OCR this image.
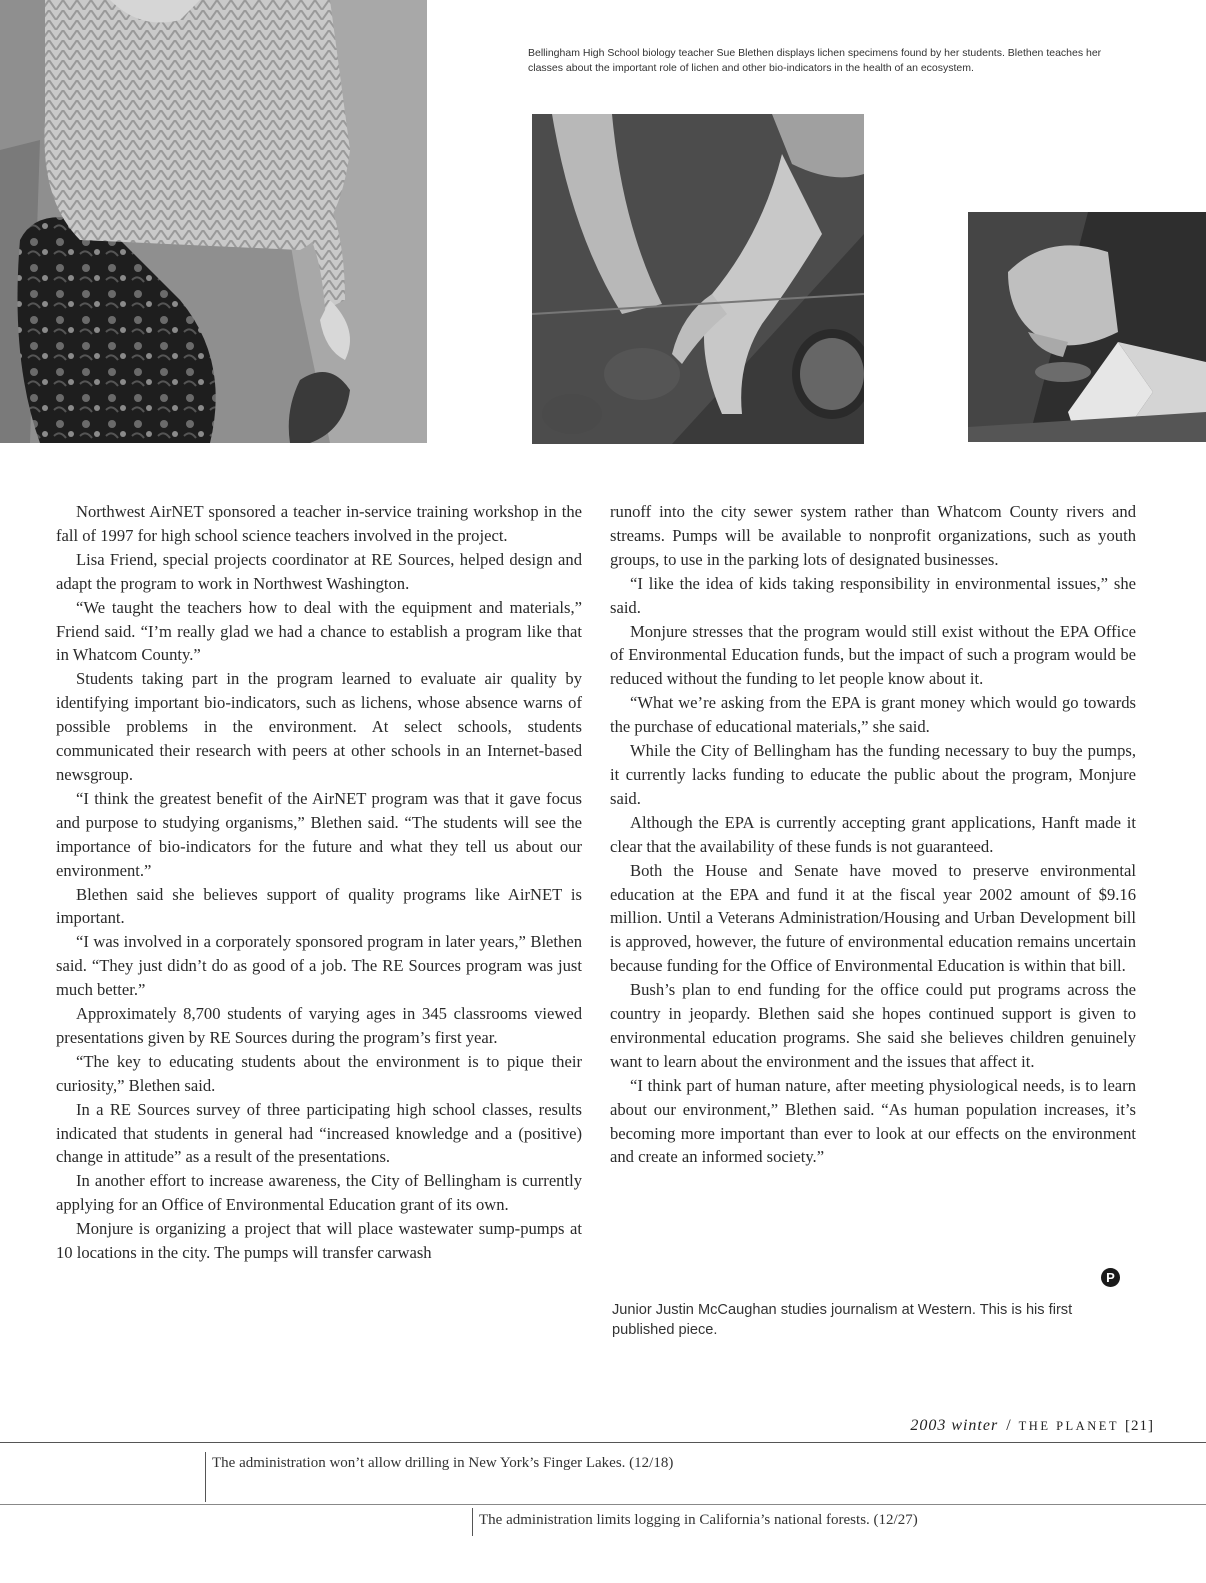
Bellingham High School biology teacher Sue Blethen displays lichen specimens found by her students. Blethen teaches her classes about the important role of lichen and other bio-indicators in the health of an ecosystem.

Northwest AirNET sponsored a teacher in-service training workshop in the fall of 1997 for high school science teachers involved in the project.

Lisa Friend, special projects coordinator at RE Sources, helped design and adapt the program to work in Northwest Washington.

“We taught the teachers how to deal with the equipment and materials,” Friend said. “I’m really glad we had a chance to establish a program like that in Whatcom County.”

Students taking part in the program learned to evaluate air quality by identifying important bio-indicators, such as lichens, whose absence warns of possible problems in the environment. At select schools, students communicated their research with peers at other schools in an Internet-based newsgroup.

“I think the greatest benefit of the AirNET program was that it gave focus and purpose to studying organisms,” Blethen said. “The students will see the importance of bio-indicators for the future and what they tell us about our environment.”

Blethen said she believes support of quality programs like AirNET is important.

“I was involved in a corporately sponsored program in later years,” Blethen said. “They just didn’t do as good of a job. The RE Sources program was just much better.”

Approximately 8,700 students of varying ages in 345 classrooms viewed presentations given by RE Sources during the program’s first year.

“The key to educating students about the environment is to pique their curiosity,” Blethen said.

In a RE Sources survey of three participating high school classes, results indicated that students in general had “increased knowledge and a (positive) change in attitude” as a result of the presentations.

In another effort to increase awareness, the City of Bellingham is currently applying for an Office of Environmental Education grant of its own.

Monjure is organizing a project that will place wastewater sump-pumps at 10 locations in the city. The pumps will transfer carwash

runoff into the city sewer system rather than Whatcom County rivers and streams. Pumps will be available to nonprofit organizations, such as youth groups, to use in the parking lots of designated businesses.

“I like the idea of kids taking responsibility in environmental issues,” she said.

Monjure stresses that the program would still exist without the EPA Office of Environmental Education funds, but the impact of such a program would be reduced without the funding to let people know about it.

“What we’re asking from the EPA is grant money which would go towards the purchase of educational materials,” she said.

While the City of Bellingham has the funding necessary to buy the pumps, it currently lacks funding to educate the public about the program, Monjure said.

Although the EPA is currently accepting grant applications, Hanft made it clear that the availability of these funds is not guaranteed.

Both the House and Senate have moved to preserve environmental education at the EPA and fund it at the fiscal year 2002 amount of $9.16 million. Until a Veterans Administration/Housing and Urban Development bill is approved, however, the future of environmental education remains uncertain because funding for the Office of Environmental Education is within that bill.

Bush’s plan to end funding for the office could put programs across the country in jeopardy. Blethen said she hopes continued support is given to environmental education programs. She said she believes children genuinely want to learn about the environment and the issues that affect it.

“I think part of human nature, after meeting physiological needs, is to learn about our environment,” Blethen said. “As human population increases, it’s becoming more important than ever to look at our effects on the environment and create an informed society.”

P
Junior Justin McCaughan studies journalism at Western. This is his first published piece.
2003 winter / THE PLANET [21]
The administration won’t allow drilling in New York’s Finger Lakes. (12/18)
The administration limits logging in California’s national forests. (12/27)
